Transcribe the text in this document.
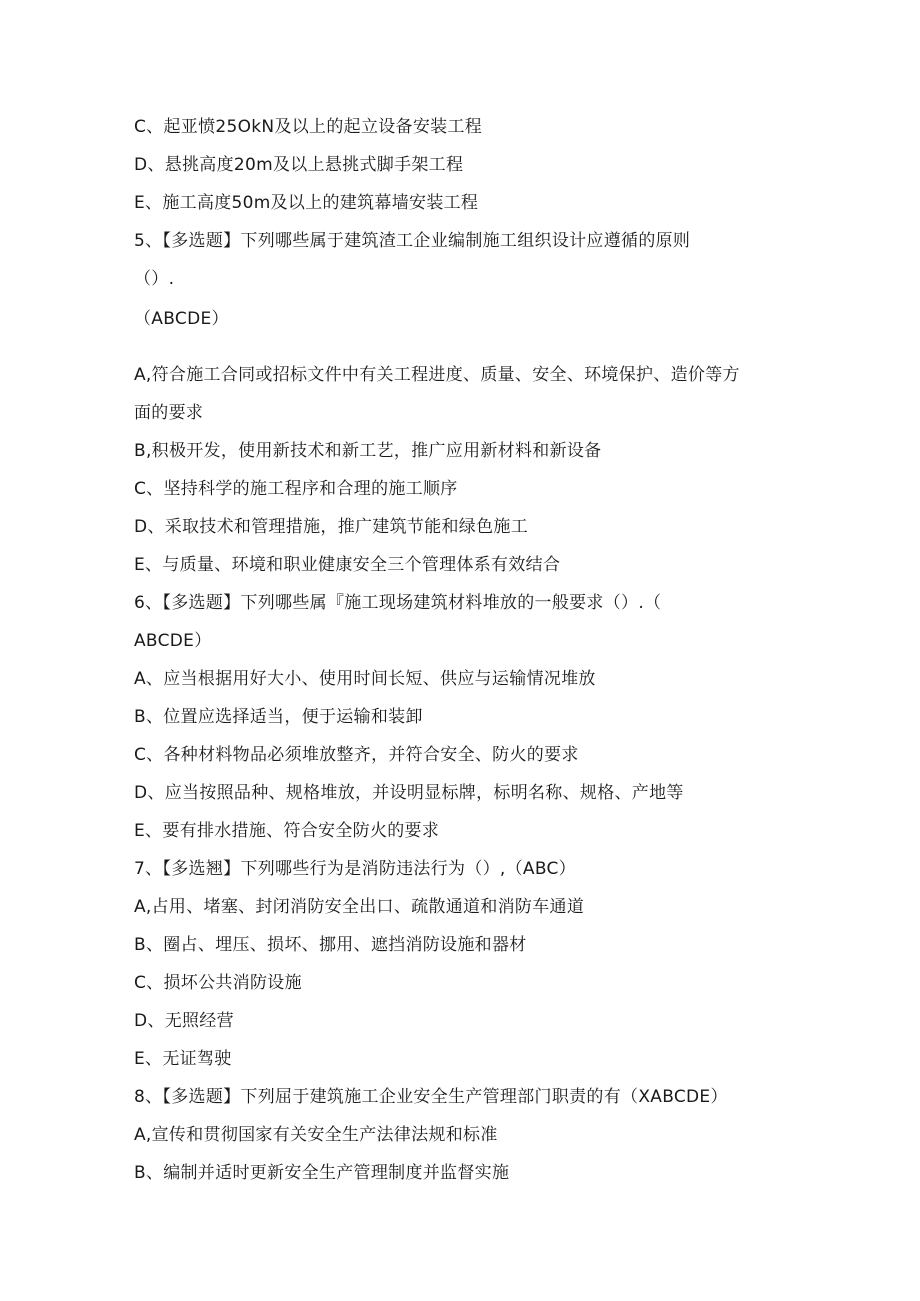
C、起亚愤25OkN及以上的起立设备安装工程
D、悬挑高度20m及以上悬挑式脚手架工程
E、施工高度50m及以上的建筑幕墙安装工程
5、【多选题】下列哪些属于建筑渣工企业编制施工组织设计应遵循的原则
（）.
（ABCDE）
A,符合施工合同或招标文件中有关工程进度、质量、安全、环境保护、造价等方
面的要求
B,积极开发，使用新技术和新工艺，推广应用新材料和新设备
C、坚持科学的施工程序和合理的施工顺序
D、采取技术和管理措施，推广建筑节能和绿色施工
E、与质量、环境和职业健康安全三个管理体系有效结合
6、【多选题】下列哪些属『施工现场建筑材料堆放的一般要求（）.（
ABCDE）
A、应当根据用好大小、使用时间长短、供应与运输情况堆放
B、位置应选择适当，便于运输和装卸
C、各种材料物品必须堆放整齐，并符合安全、防火的要求
D、应当按照品种、规格堆放，并设明显标牌，标明名称、规格、产地等
E、要有排水措施、符合安全防火的要求
7、【多选翘】下列哪些行为是消防违法行为（）,（ABC）
A,占用、堵塞、封闭消防安全出口、疏散通道和消防车通道
B、圈占、埋压、损坏、挪用、遮挡消防设施和器材
C、损坏公共消防设施
D、无照经营
E、无证驾驶
8、【多选题】下列屈于建筑施工企业安全生产管理部门职责的有（XABCDE）
A,宣传和贯彻国家有关安全生产法律法规和标准
B、编制并适时更新安全生产管理制度并监督实施
